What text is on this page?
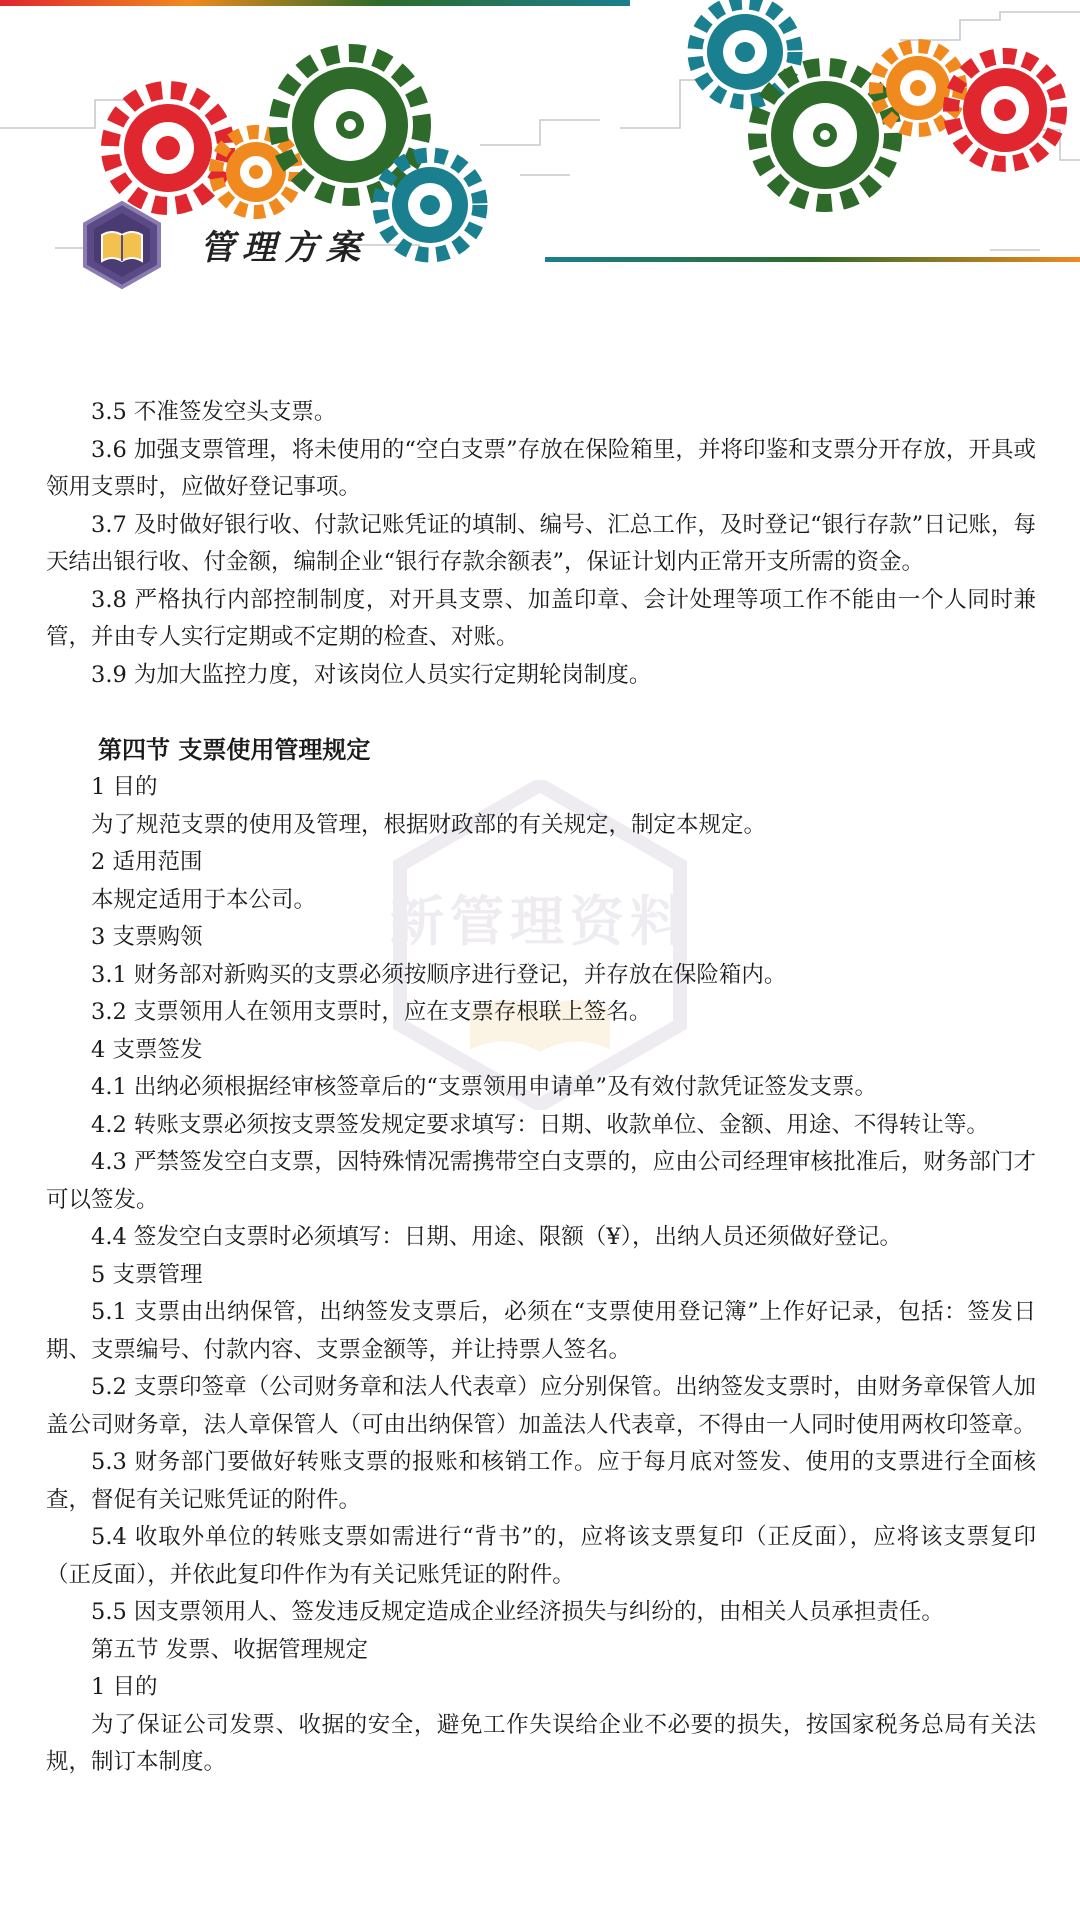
管理方案
新管理资料

3.5 不准签发空头支票。

3.6 加强支票管理，将未使用的“空白支票”存放在保险箱里，并将印鉴和支票分开存放，开具或领用支票时，应做好登记事项。

3.7 及时做好银行收、付款记账凭证的填制、编号、汇总工作，及时登记“银行存款”日记账，每天结出银行收、付金额，编制企业“银行存款余额表”，保证计划内正常开支所需的资金。

3.8 严格执行内部控制制度，对开具支票、加盖印章、会计处理等项工作不能由一个人同时兼管，并由专人实行定期或不定期的检查、对账。

3.9 为加大监控力度，对该岗位人员实行定期轮岗制度。

第四节 支票使用管理规定

1 目的

为了规范支票的使用及管理，根据财政部的有关规定，制定本规定。

2 适用范围

本规定适用于本公司。

3 支票购领

3.1 财务部对新购买的支票必须按顺序进行登记，并存放在保险箱内。

3.2 支票领用人在领用支票时，应在支票存根联上签名。

4 支票签发

4.1 出纳必须根据经审核签章后的“支票领用申请单”及有效付款凭证签发支票。

4.2 转账支票必须按支票签发规定要求填写：日期、收款单位、金额、用途、不得转让等。

4.3 严禁签发空白支票，因特殊情况需携带空白支票的，应由公司经理审核批准后，财务部门才可以签发。

4.4 签发空白支票时必须填写：日期、用途、限额（¥），出纳人员还须做好登记。

5 支票管理

5.1 支票由出纳保管，出纳签发支票后，必须在“支票使用登记簿”上作好记录，包括：签发日期、支票编号、付款内容、支票金额等，并让持票人签名。

5.2 支票印签章（公司财务章和法人代表章）应分别保管。出纳签发支票时，由财务章保管人加盖公司财务章，法人章保管人（可由出纳保管）加盖法人代表章，不得由一人同时使用两枚印签章。

5.3 财务部门要做好转账支票的报账和核销工作。应于每月底对签发、使用的支票进行全面核查，督促有关记账凭证的附件。

5.4 收取外单位的转账支票如需进行“背书”的，应将该支票复印（正反面），应将该支票复印（正反面），并依此复印件作为有关记账凭证的附件。

5.5 因支票领用人、签发违反规定造成企业经济损失与纠纷的，由相关人员承担责任。

第五节 发票、收据管理规定

1 目的

为了保证公司发票、收据的安全，避免工作失误给企业不必要的损失，按国家税务总局有关法规，制订本制度。
